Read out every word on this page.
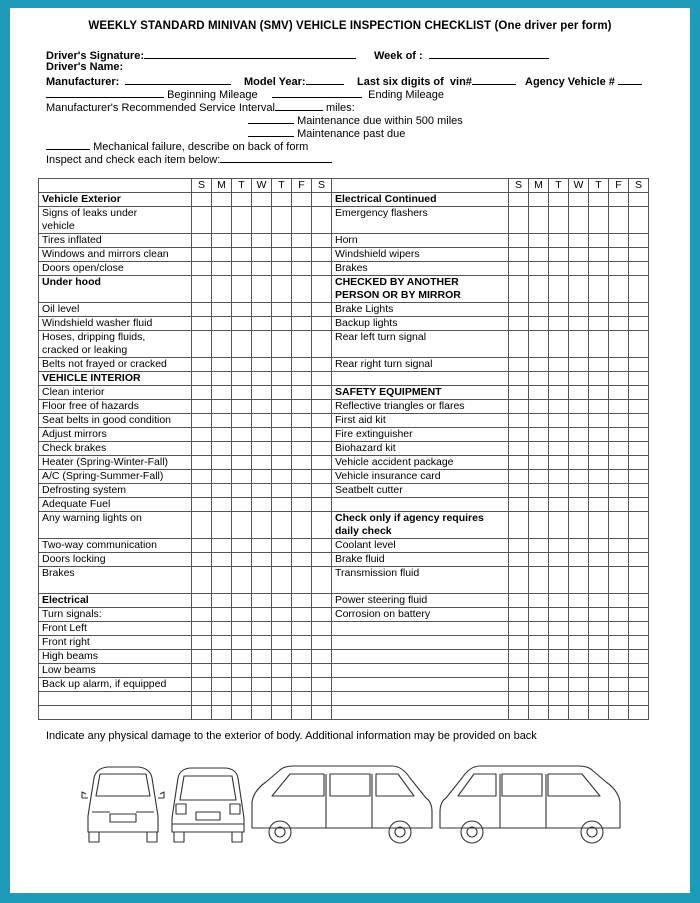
WEEKLY STANDARD MINIVAN (SMV) VEHICLE INSPECTION CHECKLIST (One driver per form)
Driver's Signature:	Week of :
Driver's Name:
Manufacturer:	Model Year:	Last six digits of  vin#	Agency Vehicle #
Beginning Mileage	Ending Mileage
Manufacturer's Recommended Service Interval	miles:
Maintenance due within 500 miles
Maintenance past due
Mechanical failure, describe on back of form
Inspect and check each item below:
	S	M	T	W	T	F	S		S	M	T	W	T	F	S
Vehicle Exterior								Electrical Continued							
Signs of leaks under
vehicle								Emergency flashers							
Tires inflated								Horn							
Windows and mirrors clean								Windshield wipers							
Doors open/close								Brakes							
Under hood								CHECKED BY ANOTHER
PERSON OR BY MIRROR							
Oil level								Brake Lights							
Windshield washer fluid								Backup lights							
Hoses, dripping fluids,
cracked or leaking								Rear left turn signal							
Belts not frayed or cracked								Rear right turn signal							
VEHICLE INTERIOR															
Clean interior								SAFETY EQUIPMENT							
Floor free of hazards								Reflective triangles or flares							
Seat belts in good condition								First aid kit							
Adjust mirrors								Fire extinguisher							
Check brakes								Biohazard kit							
Heater (Spring-Winter-Fall)								Vehicle accident package							
A/C (Spring-Summer-Fall)								Vehicle insurance card							
Defrosting system								Seatbelt cutter							
Adequate Fuel															
Any warning lights on								Check only if agency requires
daily check							
Two-way communication								Coolant level							
Doors locking								Brake fluid							
Brakes								Transmission fluid							
Electrical								Power steering fluid							
Turn signals:								Corrosion on battery							
Front Left															
Front right															
High beams															
Low beams															
Back up alarm, if equipped															

Indicate any physical damage to the exterior of body. Additional information may be provided on back
